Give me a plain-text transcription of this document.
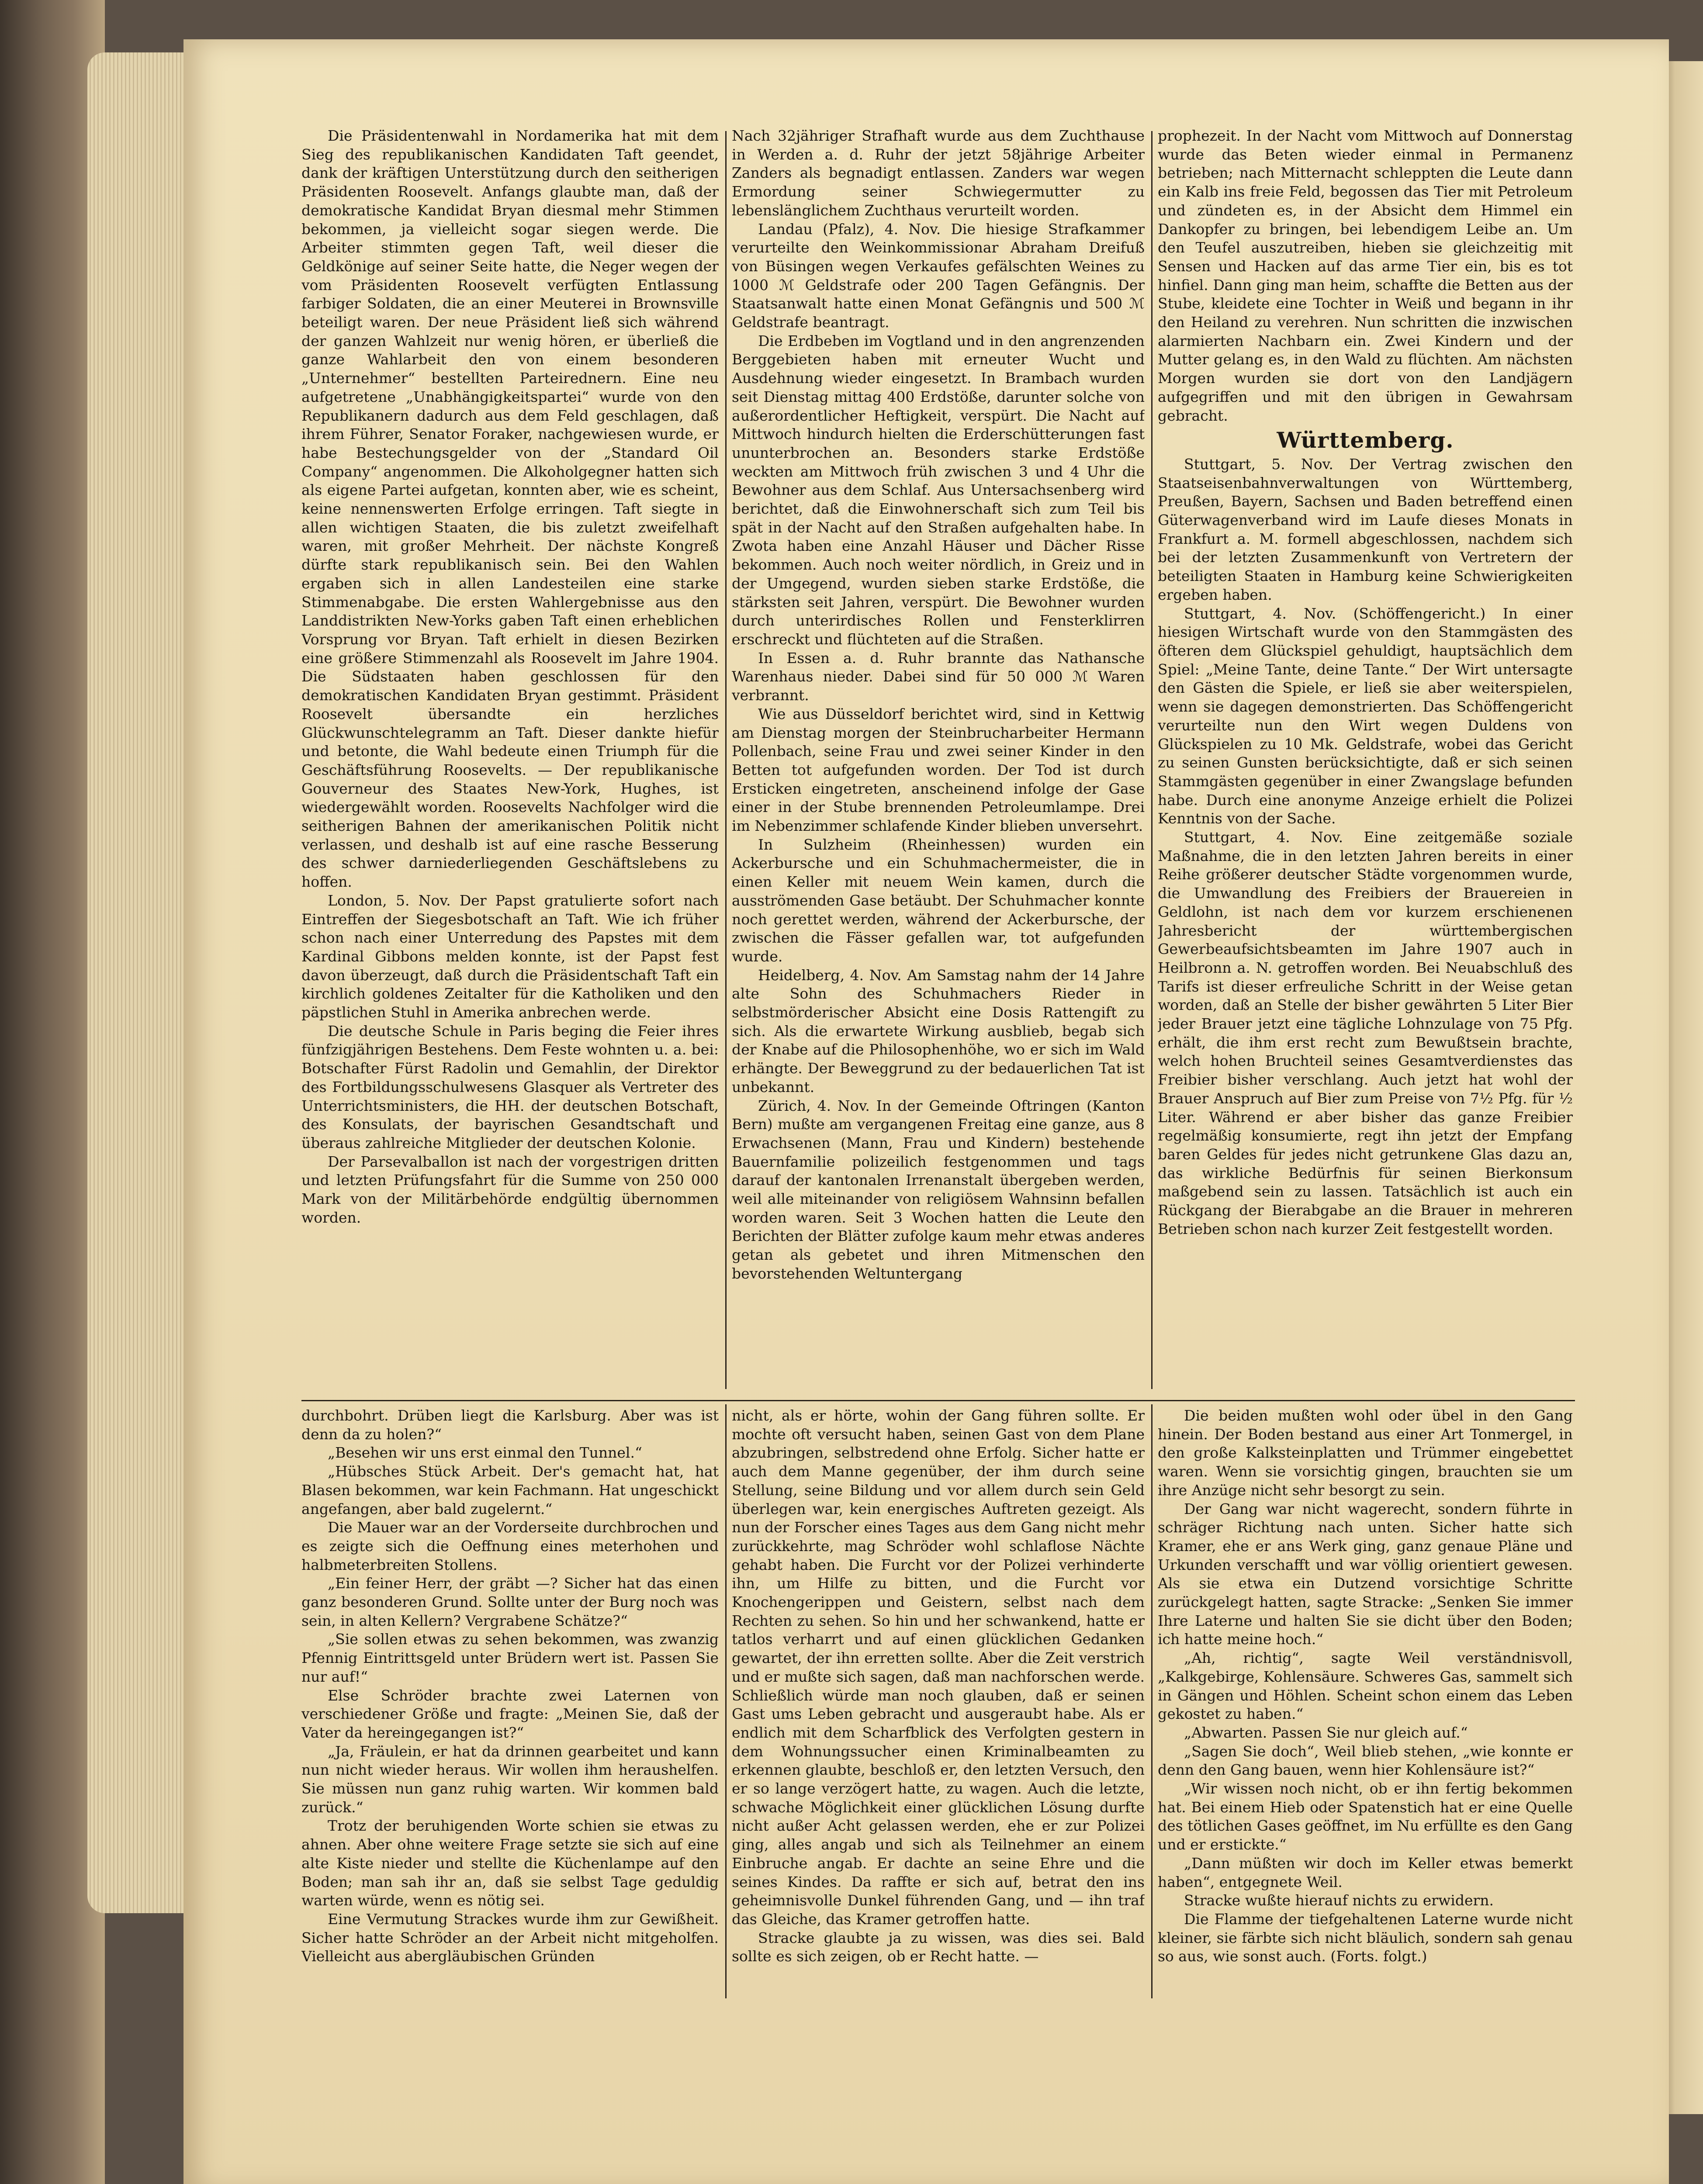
Die Präsidentenwahl in Nordamerika hat mit dem Sieg des republikanischen Kandidaten Taft geendet, dank der kräftigen Unterstützung durch den seitherigen Präsidenten Roosevelt. Anfangs glaubte man, daß der demokratische Kandidat Bryan diesmal mehr Stimmen bekommen, ja vielleicht sogar siegen werde. Die Arbeiter stimmten gegen Taft, weil dieser die Geldkönige auf seiner Seite hatte, die Neger wegen der vom Präsidenten Roosevelt verfügten Entlassung farbiger Soldaten, die an einer Meuterei in Brownsville beteiligt waren. Der neue Präsident ließ sich während der ganzen Wahlzeit nur wenig hören, er überließ die ganze Wahlarbeit den von einem besonderen „Unternehmer“ bestellten Parteirednern. Eine neu aufgetretene „Unabhängigkeitspartei“ wurde von den Republikanern dadurch aus dem Feld geschlagen, daß ihrem Führer, Senator Foraker, nachgewiesen wurde, er habe Bestechungsgelder von der „Standard Oil Company“ angenommen. Die Alkoholgegner hatten sich als eigene Partei aufgetan, konnten aber, wie es scheint, keine nennenswerten Erfolge erringen. Taft siegte in allen wichtigen Staaten, die bis zuletzt zweifelhaft waren, mit großer Mehrheit. Der nächste Kongreß dürfte stark republikanisch sein. Bei den Wahlen ergaben sich in allen Landesteilen eine starke Stimmenabgabe. Die ersten Wahlergebnisse aus den Landdistrikten New-Yorks gaben Taft einen erheblichen Vorsprung vor Bryan. Taft erhielt in diesen Bezirken eine größere Stimmenzahl als Roosevelt im Jahre 1904. Die Südstaaten haben geschlossen für den demokratischen Kandidaten Bryan gestimmt. Präsident Roosevelt übersandte ein herzliches Glückwunschtelegramm an Taft. Dieser dankte hiefür und betonte, die Wahl bedeute einen Triumph für die Geschäftsführung Roosevelts. — Der republikanische Gouverneur des Staates New-York, Hughes, ist wiedergewählt worden. Roosevelts Nachfolger wird die seitherigen Bahnen der amerikanischen Politik nicht verlassen, und deshalb ist auf eine rasche Besserung des schwer darniederliegenden Geschäftslebens zu hoffen.

London, 5. Nov. Der Papst gratulierte sofort nach Eintreffen der Siegesbotschaft an Taft. Wie ich früher schon nach einer Unterredung des Papstes mit dem Kardinal Gibbons melden konnte, ist der Papst fest davon überzeugt, daß durch die Präsidentschaft Taft ein kirchlich goldenes Zeitalter für die Katholiken und den päpstlichen Stuhl in Amerika anbrechen werde.

Die deutsche Schule in Paris beging die Feier ihres fünfzigjährigen Bestehens. Dem Feste wohnten u. a. bei: Botschafter Fürst Radolin und Gemahlin, der Direktor des Fortbildungsschulwesens Glasquer als Vertreter des Unterrichtsministers, die HH. der deutschen Botschaft, des Konsulats, der bayrischen Gesandtschaft und überaus zahlreiche Mitglieder der deutschen Kolonie.

Der Parsevalballon ist nach der vorgestrigen dritten und letzten Prüfungsfahrt für die Summe von 250 000 Mark von der Militärbehörde endgültig übernommen worden.

Nach 32jähriger Strafhaft wurde aus dem Zuchthause in Werden a. d. Ruhr der jetzt 58jährige Arbeiter Zanders als begnadigt entlassen. Zanders war wegen Ermordung seiner Schwiegermutter zu lebenslänglichem Zuchthaus verurteilt worden.

Landau (Pfalz), 4. Nov. Die hiesige Strafkammer verurteilte den Weinkommissionar Abraham Dreifuß von Büsingen wegen Verkaufes gefälschten Weines zu 1000 ℳ Geldstrafe oder 200 Tagen Gefängnis. Der Staatsanwalt hatte einen Monat Gefängnis und 500 ℳ Geldstrafe beantragt.

Die Erdbeben im Vogtland und in den angrenzenden Berggebieten haben mit erneuter Wucht und Ausdehnung wieder eingesetzt. In Brambach wurden seit Dienstag mittag 400 Erdstöße, darunter solche von außerordentlicher Heftigkeit, verspürt. Die Nacht auf Mittwoch hindurch hielten die Erderschütterungen fast ununterbrochen an. Besonders starke Erdstöße weckten am Mittwoch früh zwischen 3 und 4 Uhr die Bewohner aus dem Schlaf. Aus Untersachsenberg wird berichtet, daß die Einwohnerschaft sich zum Teil bis spät in der Nacht auf den Straßen aufgehalten habe. In Zwota haben eine Anzahl Häuser und Dächer Risse bekommen. Auch noch weiter nördlich, in Greiz und in der Umgegend, wurden sieben starke Erdstöße, die stärksten seit Jahren, verspürt. Die Bewohner wurden durch unterirdisches Rollen und Fensterklirren erschreckt und flüchteten auf die Straßen.

In Essen a. d. Ruhr brannte das Nathansche Warenhaus nieder. Dabei sind für 50 000 ℳ Waren verbrannt.

Wie aus Düsseldorf berichtet wird, sind in Kettwig am Dienstag morgen der Steinbrucharbeiter Hermann Pollenbach, seine Frau und zwei seiner Kinder in den Betten tot aufgefunden worden. Der Tod ist durch Ersticken eingetreten, anscheinend infolge der Gase einer in der Stube brennenden Petroleumlampe. Drei im Nebenzimmer schlafende Kinder blieben unversehrt.

In Sulzheim (Rheinhessen) wurden ein Ackerbursche und ein Schuhmachermeister, die in einen Keller mit neuem Wein kamen, durch die ausströmenden Gase betäubt. Der Schuhmacher konnte noch gerettet werden, während der Ackerbursche, der zwischen die Fässer gefallen war, tot aufgefunden wurde.

Heidelberg, 4. Nov. Am Samstag nahm der 14 Jahre alte Sohn des Schuhmachers Rieder in selbstmörderischer Absicht eine Dosis Rattengift zu sich. Als die erwartete Wirkung ausblieb, begab sich der Knabe auf die Philosophenhöhe, wo er sich im Wald erhängte. Der Beweggrund zu der bedauerlichen Tat ist unbekannt.

Zürich, 4. Nov. In der Gemeinde Oftringen (Kanton Bern) mußte am vergangenen Freitag eine ganze, aus 8 Erwachsenen (Mann, Frau und Kindern) bestehende Bauernfamilie polizeilich festgenommen und tags darauf der kantonalen Irrenanstalt übergeben werden, weil alle miteinander von religiösem Wahnsinn befallen worden waren. Seit 3 Wochen hatten die Leute den Berichten der Blätter zufolge kaum mehr etwas anderes getan als gebetet und ihren Mitmenschen den bevorstehenden Weltuntergang

prophezeit. In der Nacht vom Mittwoch auf Donnerstag wurde das Beten wieder einmal in Permanenz betrieben; nach Mitternacht schleppten die Leute dann ein Kalb ins freie Feld, begossen das Tier mit Petroleum und zündeten es, in der Absicht dem Himmel ein Dankopfer zu bringen, bei lebendigem Leibe an. Um den Teufel auszutreiben, hieben sie gleichzeitig mit Sensen und Hacken auf das arme Tier ein, bis es tot hinfiel. Dann ging man heim, schaffte die Betten aus der Stube, kleidete eine Tochter in Weiß und begann in ihr den Heiland zu verehren. Nun schritten die inzwischen alarmierten Nachbarn ein. Zwei Kindern und der Mutter gelang es, in den Wald zu flüchten. Am nächsten Morgen wurden sie dort von den Landjägern aufgegriffen und mit den übrigen in Gewahrsam gebracht.

Württemberg.

Stuttgart, 5. Nov. Der Vertrag zwischen den Staatseisenbahnverwaltungen von Württemberg, Preußen, Bayern, Sachsen und Baden betreffend einen Güterwagenverband wird im Laufe dieses Monats in Frankfurt a. M. formell abgeschlossen, nachdem sich bei der letzten Zusammenkunft von Vertretern der beteiligten Staaten in Hamburg keine Schwierigkeiten ergeben haben.

Stuttgart, 4. Nov. (Schöffengericht.) In einer hiesigen Wirtschaft wurde von den Stammgästen des öfteren dem Glückspiel gehuldigt, hauptsächlich dem Spiel: „Meine Tante, deine Tante.“ Der Wirt untersagte den Gästen die Spiele, er ließ sie aber weiterspielen, wenn sie dagegen demonstrierten. Das Schöffengericht verurteilte nun den Wirt wegen Duldens von Glückspielen zu 10 Mk. Geldstrafe, wobei das Gericht zu seinen Gunsten berücksichtigte, daß er sich seinen Stammgästen gegenüber in einer Zwangslage befunden habe. Durch eine anonyme Anzeige erhielt die Polizei Kenntnis von der Sache.

Stuttgart, 4. Nov. Eine zeitgemäße soziale Maßnahme, die in den letzten Jahren bereits in einer Reihe größerer deutscher Städte vorgenommen wurde, die Umwandlung des Freibiers der Brauereien in Geldlohn, ist nach dem vor kurzem erschienenen Jahresbericht der württembergischen Gewerbeaufsichtsbeamten im Jahre 1907 auch in Heilbronn a. N. getroffen worden. Bei Neuabschluß des Tarifs ist dieser erfreuliche Schritt in der Weise getan worden, daß an Stelle der bisher gewährten 5 Liter Bier jeder Brauer jetzt eine tägliche Lohnzulage von 75 Pfg. erhält, die ihm erst recht zum Bewußtsein brachte, welch hohen Bruchteil seines Gesamtverdienstes das Freibier bisher verschlang. Auch jetzt hat wohl der Brauer Anspruch auf Bier zum Preise von 7½ Pfg. für ½ Liter. Während er aber bisher das ganze Freibier regelmäßig konsumierte, regt ihn jetzt der Empfang baren Geldes für jedes nicht getrunkene Glas dazu an, das wirkliche Bedürfnis für seinen Bierkonsum maßgebend sein zu lassen. Tatsächlich ist auch ein Rückgang der Bierabgabe an die Brauer in mehreren Betrieben schon nach kurzer Zeit festgestellt worden.

durchbohrt. Drüben liegt die Karlsburg. Aber was ist denn da zu holen?“

„Besehen wir uns erst einmal den Tunnel.“

„Hübsches Stück Arbeit. Der's gemacht hat, hat Blasen bekommen, war kein Fachmann. Hat ungeschickt angefangen, aber bald zugelernt.“

Die Mauer war an der Vorderseite durchbrochen und es zeigte sich die Oeffnung eines meterhohen und halbmeterbreiten Stollens.

„Ein feiner Herr, der gräbt —? Sicher hat das einen ganz besonderen Grund. Sollte unter der Burg noch was sein, in alten Kellern? Vergrabene Schätze?“

„Sie sollen etwas zu sehen bekommen, was zwanzig Pfennig Eintrittsgeld unter Brüdern wert ist. Passen Sie nur auf!“

Else Schröder brachte zwei Laternen von verschiedener Größe und fragte: „Meinen Sie, daß der Vater da hereingegangen ist?“

„Ja, Fräulein, er hat da drinnen gearbeitet und kann nun nicht wieder heraus. Wir wollen ihm heraushelfen. Sie müssen nun ganz ruhig warten. Wir kommen bald zurück.“

Trotz der beruhigenden Worte schien sie etwas zu ahnen. Aber ohne weitere Frage setzte sie sich auf eine alte Kiste nieder und stellte die Küchenlampe auf den Boden; man sah ihr an, daß sie selbst Tage geduldig warten würde, wenn es nötig sei.

Eine Vermutung Strackes wurde ihm zur Gewißheit. Sicher hatte Schröder an der Arbeit nicht mitgeholfen. Vielleicht aus abergläubischen Gründen

nicht, als er hörte, wohin der Gang führen sollte. Er mochte oft versucht haben, seinen Gast von dem Plane abzubringen, selbstredend ohne Erfolg. Sicher hatte er auch dem Manne gegenüber, der ihm durch seine Stellung, seine Bildung und vor allem durch sein Geld überlegen war, kein energisches Auftreten gezeigt. Als nun der Forscher eines Tages aus dem Gang nicht mehr zurückkehrte, mag Schröder wohl schlaflose Nächte gehabt haben. Die Furcht vor der Polizei verhinderte ihn, um Hilfe zu bitten, und die Furcht vor Knochengerippen und Geistern, selbst nach dem Rechten zu sehen. So hin und her schwankend, hatte er tatlos verharrt und auf einen glücklichen Gedanken gewartet, der ihn erretten sollte. Aber die Zeit verstrich und er mußte sich sagen, daß man nachforschen werde. Schließlich würde man noch glauben, daß er seinen Gast ums Leben gebracht und ausgeraubt habe. Als er endlich mit dem Scharfblick des Verfolgten gestern in dem Wohnungssucher einen Kriminalbeamten zu erkennen glaubte, beschloß er, den letzten Versuch, den er so lange verzögert hatte, zu wagen. Auch die letzte, schwache Möglichkeit einer glücklichen Lösung durfte nicht außer Acht gelassen werden, ehe er zur Polizei ging, alles angab und sich als Teilnehmer an einem Einbruche angab. Er dachte an seine Ehre und die seines Kindes. Da raffte er sich auf, betrat den ins geheimnisvolle Dunkel führenden Gang, und — ihn traf das Gleiche, das Kramer getroffen hatte.

Stracke glaubte ja zu wissen, was dies sei. Bald sollte es sich zeigen, ob er Recht hatte. —

Die beiden mußten wohl oder übel in den Gang hinein. Der Boden bestand aus einer Art Tonmergel, in den große Kalksteinplatten und Trümmer eingebettet waren. Wenn sie vorsichtig gingen, brauchten sie um ihre Anzüge nicht sehr besorgt zu sein.

Der Gang war nicht wagerecht, sondern führte in schräger Richtung nach unten. Sicher hatte sich Kramer, ehe er ans Werk ging, ganz genaue Pläne und Urkunden verschafft und war völlig orientiert gewesen. Als sie etwa ein Dutzend vorsichtige Schritte zurückgelegt hatten, sagte Stracke: „Senken Sie immer Ihre Laterne und halten Sie sie dicht über den Boden; ich hatte meine hoch.“

„Ah, richtig“, sagte Weil verständnisvoll, „Kalkgebirge, Kohlensäure. Schweres Gas, sammelt sich in Gängen und Höhlen. Scheint schon einem das Leben gekostet zu haben.“

„Abwarten. Passen Sie nur gleich auf.“

„Sagen Sie doch“, Weil blieb stehen, „wie konnte er denn den Gang bauen, wenn hier Kohlensäure ist?“

„Wir wissen noch nicht, ob er ihn fertig bekommen hat. Bei einem Hieb oder Spatenstich hat er eine Quelle des tötlichen Gases geöffnet, im Nu erfüllte es den Gang und er erstickte.“

„Dann müßten wir doch im Keller etwas bemerkt haben“, entgegnete Weil.

Stracke wußte hierauf nichts zu erwidern.

Die Flamme der tiefgehaltenen Laterne wurde nicht kleiner, sie färbte sich nicht bläulich, sondern sah genau so aus, wie sonst auch. (Forts. folgt.)
